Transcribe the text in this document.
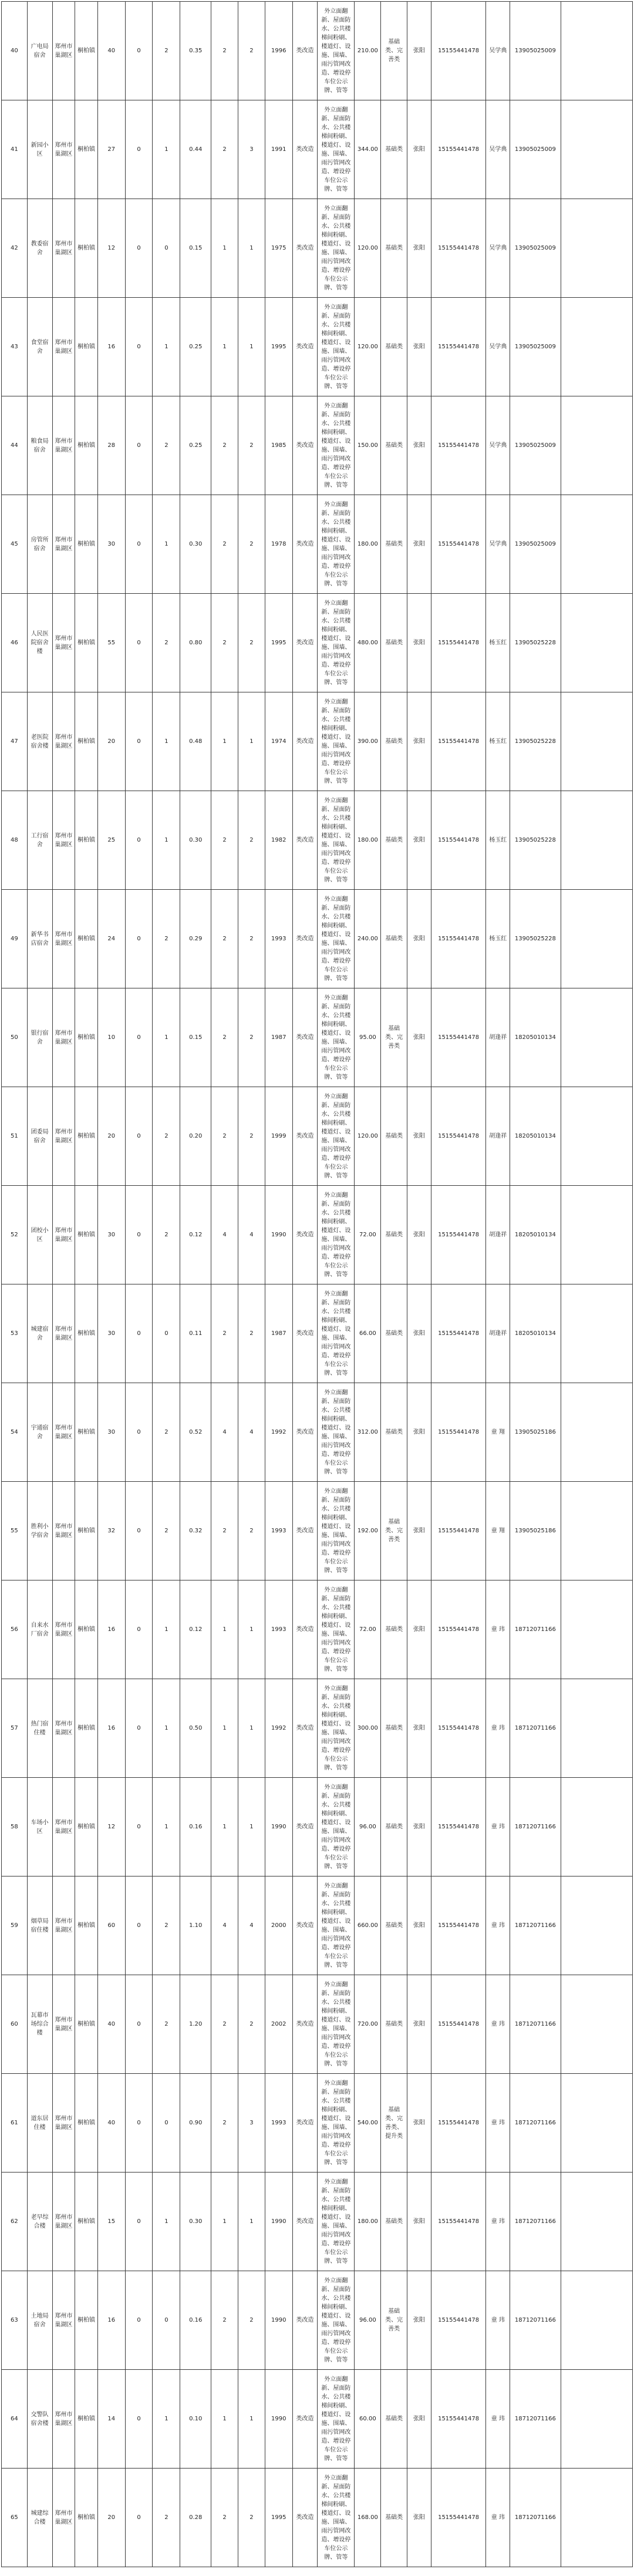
40	广电局宿舍	郑州市巢湖区	桐柏镇	40	0	2	0.35	2	2	1996	类改造	外立面翻新、屋面防水、公共楼梯间粉刷、楼道灯、设施、围墙、雨污管网改造、增设停车位公示牌、管等	210.00	基础类、完善类	张阳	15155441478	吴学典	13905025009	
41	新园小区	郑州市巢湖区	桐柏镇	27	0	1	0.44	2	3	1991	类改造	外立面翻新、屋面防水、公共楼梯间粉刷、楼道灯、设施、围墙、雨污管网改造、增设停车位公示牌、管等	344.00	基础类	张阳	15155441478	吴学典	13905025009	
42	教委宿舍	郑州市巢湖区	桐柏镇	12	0	0	0.15	1	1	1975	类改造	外立面翻新、屋面防水、公共楼梯间粉刷、楼道灯、设施、围墙、雨污管网改造、增设停车位公示牌、管等	120.00	基础类	张阳	15155441478	吴学典	13905025009	
43	食堂宿舍	郑州市巢湖区	桐柏镇	16	0	1	0.25	1	1	1995	类改造	外立面翻新、屋面防水、公共楼梯间粉刷、楼道灯、设施、围墙、雨污管网改造、增设停车位公示牌、管等	120.00	基础类	张阳	15155441478	吴学典	13905025009	
44	粮食局宿舍	郑州市巢湖区	桐柏镇	28	0	2	0.25	2	2	1985	类改造	外立面翻新、屋面防水、公共楼梯间粉刷、楼道灯、设施、围墙、雨污管网改造、增设停车位公示牌、管等	150.00	基础类	张阳	15155441478	吴学典	13905025009	
45	房管所宿舍	郑州市巢湖区	桐柏镇	30	0	1	0.30	2	2	1978	类改造	外立面翻新、屋面防水、公共楼梯间粉刷、楼道灯、设施、围墙、雨污管网改造、增设停车位公示牌、管等	180.00	基础类	张阳	15155441478	吴学典	13905025009	
46	人民医院宿舍楼	郑州市巢湖区	桐柏镇	55	0	2	0.80	2	2	1995	类改造	外立面翻新、屋面防水、公共楼梯间粉刷、楼道灯、设施、围墙、雨污管网改造、增设停车位公示牌、管等	480.00	基础类	张阳	15155441478	杨玉红	13905025228	
47	老医院宿舍楼	郑州市巢湖区	桐柏镇	20	0	1	0.48	1	1	1974	类改造	外立面翻新、屋面防水、公共楼梯间粉刷、楼道灯、设施、围墙、雨污管网改造、增设停车位公示牌、管等	390.00	基础类	张阳	15155441478	杨玉红	13905025228	
48	工行宿舍	郑州市巢湖区	桐柏镇	25	0	1	0.30	2	2	1982	类改造	外立面翻新、屋面防水、公共楼梯间粉刷、楼道灯、设施、围墙、雨污管网改造、增设停车位公示牌、管等	180.00	基础类	张阳	15155441478	杨玉红	13905025228	
49	新华书店宿舍	郑州市巢湖区	桐柏镇	24	0	2	0.29	2	2	1993	类改造	外立面翻新、屋面防水、公共楼梯间粉刷、楼道灯、设施、围墙、雨污管网改造、增设停车位公示牌、管等	240.00	基础类	张阳	15155441478	杨玉红	13905025228	
50	银行宿舍	郑州市巢湖区	桐柏镇	10	0	1	0.15	2	2	1987	类改造	外立面翻新、屋面防水、公共楼梯间粉刷、楼道灯、设施、围墙、雨污管网改造、增设停车位公示牌、管等	95.00	基础类、完善类	张阳	15155441478	胡逢祥	18205010134	
51	团委局宿舍	郑州市巢湖区	桐柏镇	20	0	2	0.20	2	2	1999	类改造	外立面翻新、屋面防水、公共楼梯间粉刷、楼道灯、设施、围墙、雨污管网改造、增设停车位公示牌、管等	120.00	基础类	张阳	15155441478	胡逢祥	18205010134	
52	团校小区	郑州市巢湖区	桐柏镇	30	0	2	0.12	4	4	1990	类改造	外立面翻新、屋面防水、公共楼梯间粉刷、楼道灯、设施、围墙、雨污管网改造、增设停车位公示牌、管等	72.00	基础类	张阳	15155441478	胡逢祥	18205010134	
53	城建宿舍	郑州市巢湖区	桐柏镇	30	0	0	0.11	2	2	1987	类改造	外立面翻新、屋面防水、公共楼梯间粉刷、楼道灯、设施、围墙、雨污管网改造、增设停车位公示牌、管等	66.00	基础类	张阳	15155441478	胡逢祥	18205010134	
54	宇通宿舍	郑州市巢湖区	桐柏镇	30	0	2	0.52	4	4	1992	类改造	外立面翻新、屋面防水、公共楼梯间粉刷、楼道灯、设施、围墙、雨污管网改造、增设停车位公示牌、管等	312.00	基础类	张阳	15155441478	童 翔	13905025186	
55	胜利小学宿舍	郑州市巢湖区	桐柏镇	32	0	2	0.32	2	2	1993	类改造	外立面翻新、屋面防水、公共楼梯间粉刷、楼道灯、设施、围墙、雨污管网改造、增设停车位公示牌、管等	192.00	基础类、完善类	张阳	15155441478	童 翔	13905025186	
56	自来水厂宿舍	郑州市巢湖区	桐柏镇	16	0	1	0.12	1	1	1993	类改造	外立面翻新、屋面防水、公共楼梯间粉刷、楼道灯、设施、围墙、雨污管网改造、增设停车位公示牌、管等	72.00	基础类	张阳	15155441478	童 玮	18712071166	
57	热门宿住楼	郑州市巢湖区	桐柏镇	16	0	1	0.50	1	1	1992	类改造	外立面翻新、屋面防水、公共楼梯间粉刷、楼道灯、设施、围墙、雨污管网改造、增设停车位公示牌、管等	300.00	基础类	张阳	15155441478	童 玮	18712071166	
58	车场小区	郑州市巢湖区	桐柏镇	12	0	1	0.16	1	1	1990	类改造	外立面翻新、屋面防水、公共楼梯间粉刷、楼道灯、设施、围墙、雨污管网改造、增设停车位公示牌、管等	96.00	基础类	张阳	15155441478	童 玮	18712071166	
59	烟草局宿住楼	郑州市巢湖区	桐柏镇	60	0	2	1.10	4	4	2000	类改造	外立面翻新、屋面防水、公共楼梯间粉刷、楼道灯、设施、围墙、雨污管网改造、增设停车位公示牌、管等	660.00	基础类	张阳	15155441478	童 玮	18712071166	
60	瓦幕市场综合楼	郑州市巢湖区	桐柏镇	40	0	2	1.20	2	2	2002	类改造	外立面翻新、屋面防水、公共楼梯间粉刷、楼道灯、设施、围墙、雨污管网改造、增设停车位公示牌、管等	720.00	基础类	张阳	15155441478	童 玮	18712071166	
61	道东居住楼	郑州市巢湖区	桐柏镇	40	0	0	0.90	2	3	1993	类改造	外立面翻新、屋面防水、公共楼梯间粉刷、楼道灯、设施、围墙、雨污管网改造、增设停车位公示牌、管等	540.00	基础类、完善类、提升类	张阳	15155441478	童 玮	18712071166	
62	老早综合楼	郑州市巢湖区	桐柏镇	15	0	1	0.30	1	1	1990	类改造	外立面翻新、屋面防水、公共楼梯间粉刷、楼道灯、设施、围墙、雨污管网改造、增设停车位公示牌、管等	180.00	基础类	张阳	15155441478	童 玮	18712071166	
63	土地局宿舍	郑州市巢湖区	桐柏镇	16	0	0	0.16	2	2	1990	类改造	外立面翻新、屋面防水、公共楼梯间粉刷、楼道灯、设施、围墙、雨污管网改造、增设停车位公示牌、管等	96.00	基础类、完善类	张阳	15155441478	童 玮	18712071166	
64	交警队宿舍楼	郑州市巢湖区	桐柏镇	14	0	1	0.10	1	1	1990	类改造	外立面翻新、屋面防水、公共楼梯间粉刷、楼道灯、设施、围墙、雨污管网改造、增设停车位公示牌、管等	60.00	基础类	张阳	15155441478	童 玮	18712071166	
65	城建综合楼	郑州市巢湖区	桐柏镇	20	0	2	0.28	2	2	1995	类改造	外立面翻新、屋面防水、公共楼梯间粉刷、楼道灯、设施、围墙、雨污管网改造、增设停车位公示牌、管等	168.00	基础类	张阳	15155441478	童 玮	18712071166	
